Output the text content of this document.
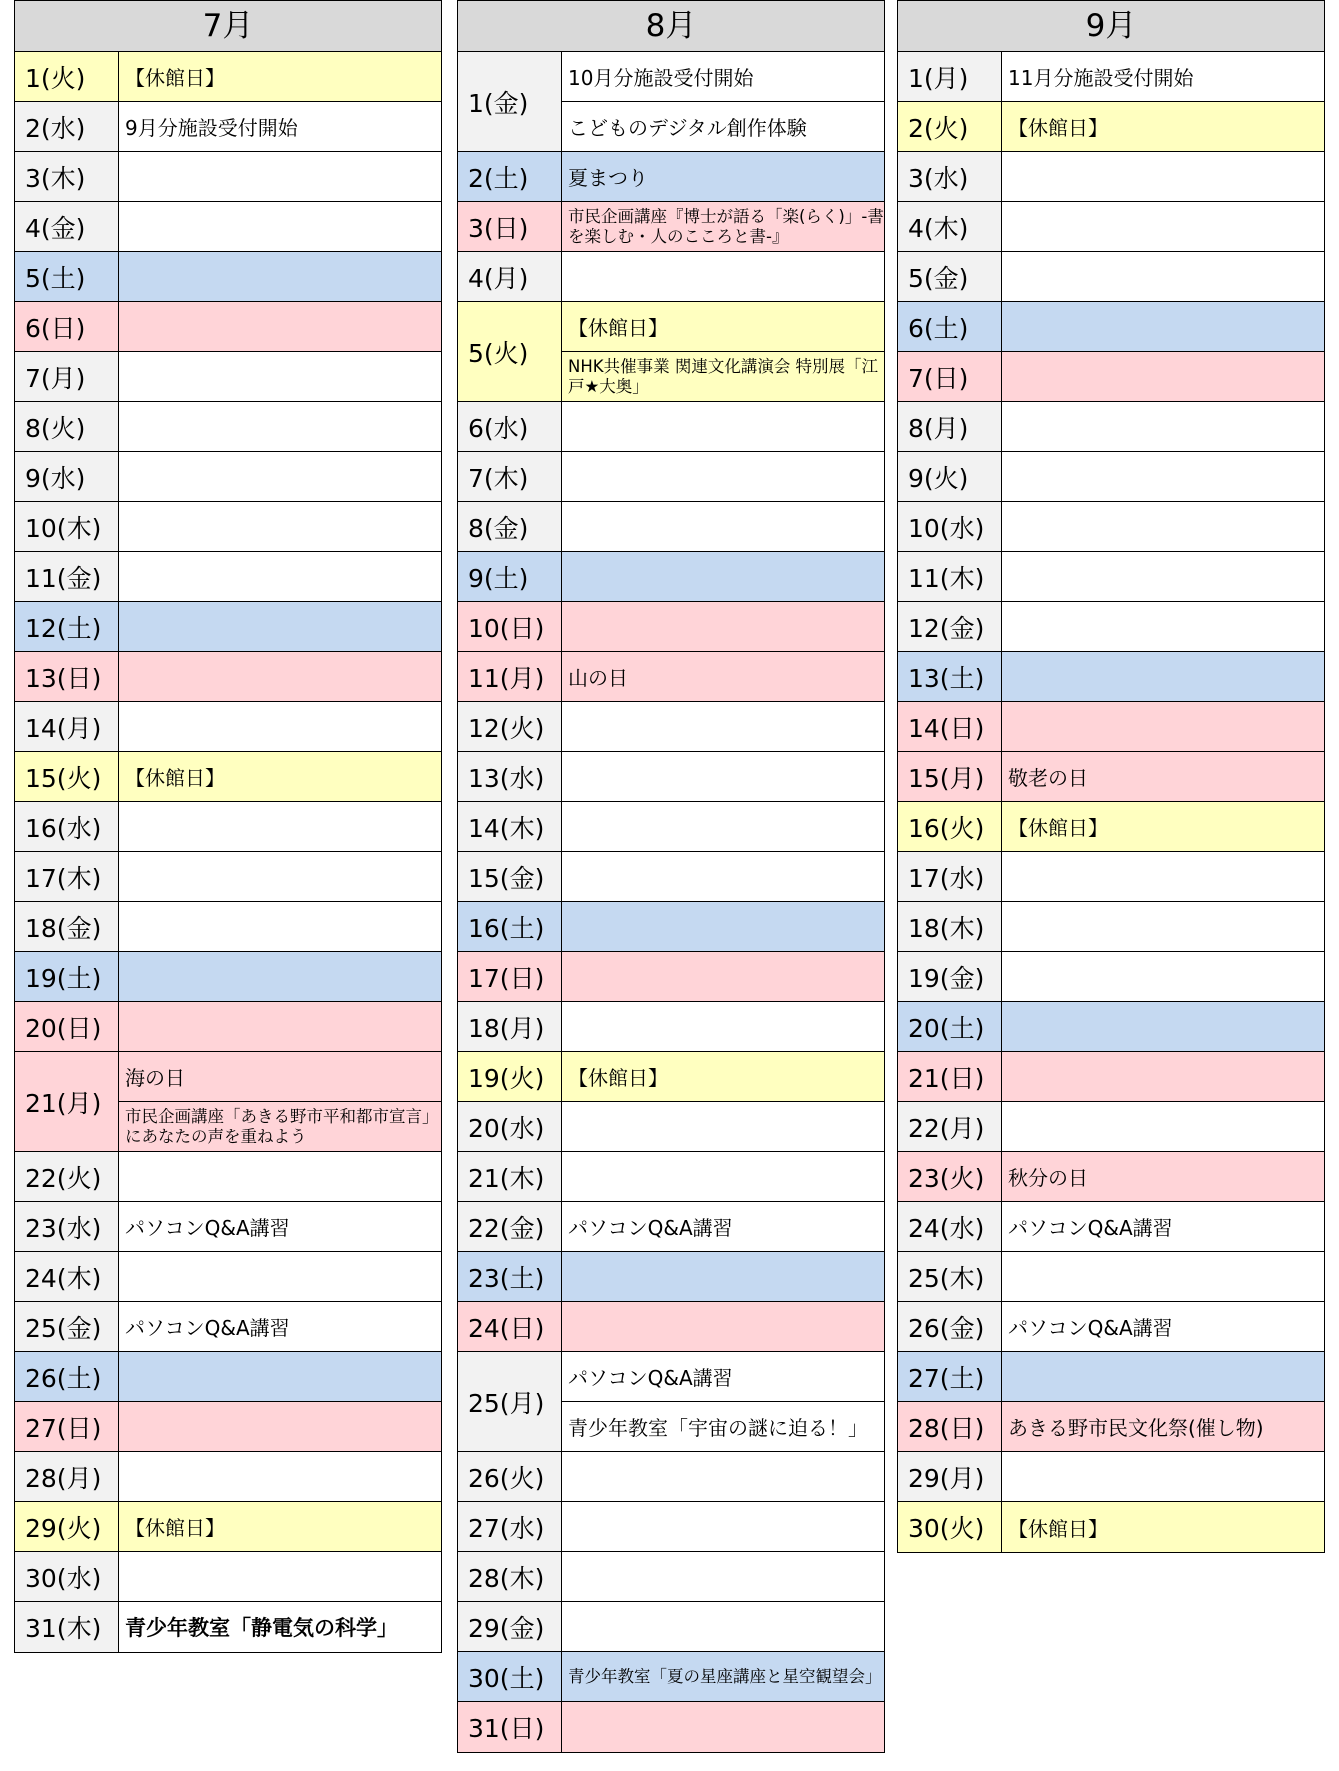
7月
1(火)	【休館日】
2(水)	9月分施設受付開始
3(木)
4(金)
5(土)
6(日)
7(月)
8(火)
9(水)
10(木)
11(金)
12(土)
13(日)
14(月)
15(火)	【休館日】
16(水)
17(木)
18(金)
19(土)
20(日)
21(月)
海の日
市民企画講座「あきる野市平和都市宣言」にあなたの声を重ねよう
22(火)
23(水)	パソコンQ&A講習
24(木)
25(金)	パソコンQ&A講習
26(土)
27(日)
28(月)
29(火)	【休館日】
30(水)
31(木)	青少年教室「静電気の科学」
8月
1(金)
10月分施設受付開始
こどものデジタル創作体験
2(土)	夏まつり
3(日)	市民企画講座『博士が語る「楽(らく)」-書を楽しむ・人のこころと書-』
4(月)
5(火)
【休館日】
NHK共催事業 関連文化講演会 特別展「江戸★大奥」
6(水)
7(木)
8(金)
9(土)
10(日)
11(月)	山の日
12(火)
13(水)
14(木)
15(金)
16(土)
17(日)
18(月)
19(火)	【休館日】
20(水)
21(木)
22(金)	パソコンQ&A講習
23(土)
24(日)
25(月)
パソコンQ&A講習
青少年教室「宇宙の謎に迫る！」
26(火)
27(水)
28(木)
29(金)
30(土)	青少年教室「夏の星座講座と星空観望会」
31(日)
9月
1(月)	11月分施設受付開始
2(火)	【休館日】
3(水)
4(木)
5(金)
6(土)
7(日)
8(月)
9(火)
10(水)
11(木)
12(金)
13(土)
14(日)
15(月)	敬老の日
16(火)	【休館日】
17(水)
18(木)
19(金)
20(土)
21(日)
22(月)
23(火)	秋分の日
24(水)	パソコンQ&A講習
25(木)
26(金)	パソコンQ&A講習
27(土)
28(日)	あきる野市民文化祭(催し物)
29(月)
30(火)	【休館日】
